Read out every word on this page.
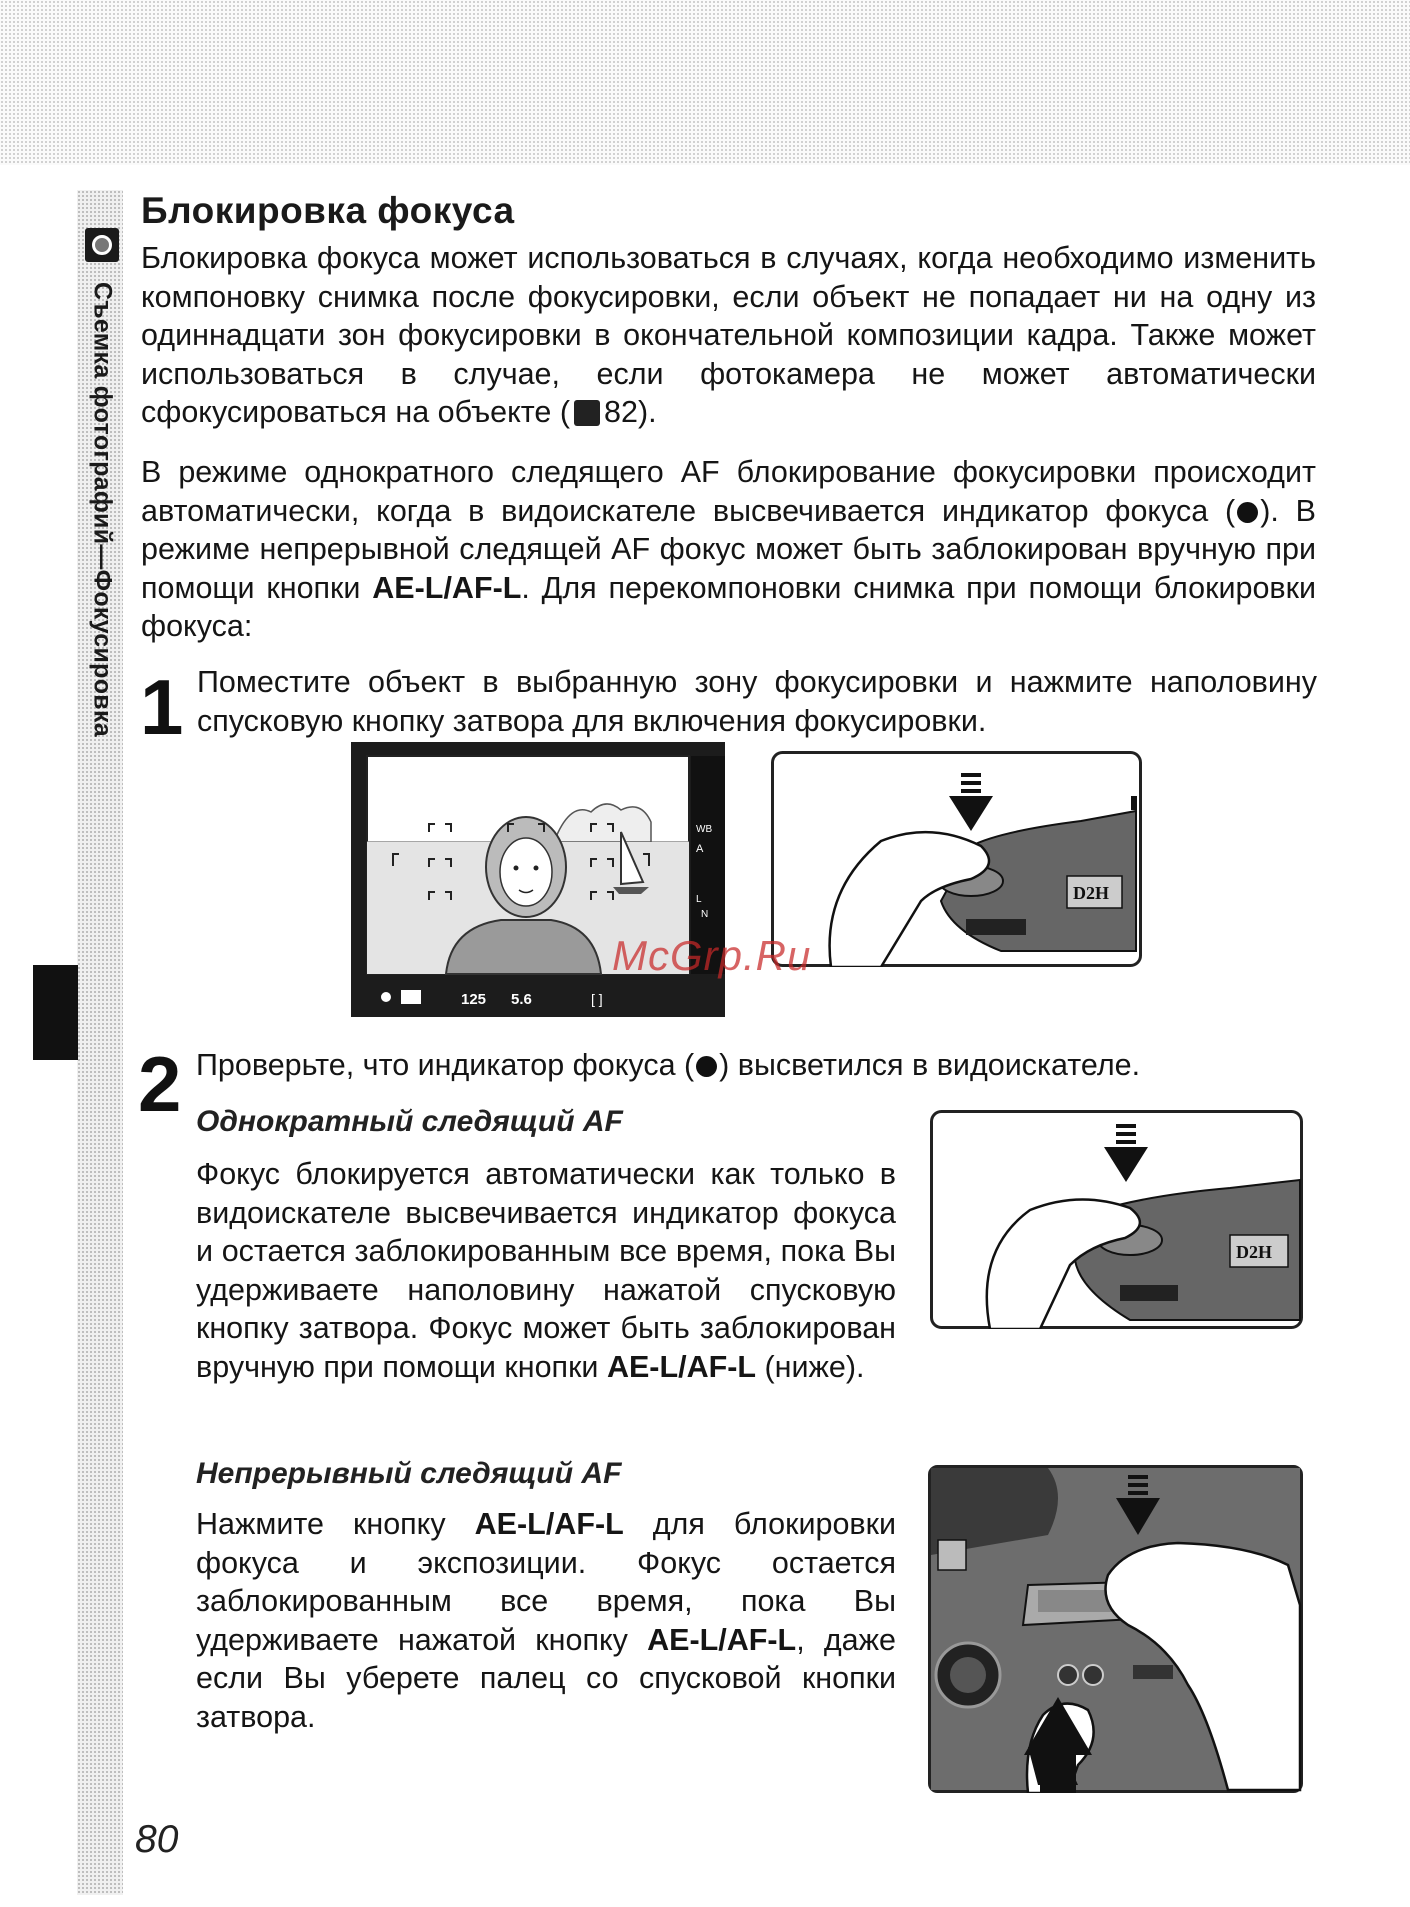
Съемка фотографий—Фокусировка
Блокировка фокуса

Блокировка фокуса может использоваться в случаях, когда необходимо изменить компоновку снимка после фокусировки, если объект не попадает ни на одну из одиннадцати зон фокусировки в окончательной композиции кадра. Также может использоваться в случае, если фотокамера не может автоматически сфокусироваться на объекте ( 82).

В режиме однократного следящего AF блокирование фокусировки происходит автоматически, когда в видоискателе высвечивается индикатор фокуса ( ). В режиме непрерывной следящей AF фокус может быть заблокирован вручную при помощи кнопки AE-L/AF-L. Для перекомпоновки снимка при помощи блокировки фокуса:

1 Поместите объект в выбранную зону фокусировки и нажмите наполовину спусковую кнопку затвора для включения фокусировки.

WB
A
L
N
125 5.6	[ ]
D2H
2 Проверьте, что индикатор фокуса ( ) высветился в видоискателе.

Однократный следящий AF

Фокус блокируется автоматически как только в видоискателе высвечивается индикатор фокуса и остается заблокированным все время, пока Вы удерживаете наполовину нажатой спусковую кнопку затвора. Фокус может быть заблокирован вручную при помощи кнопки AE-L/AF-L (ниже).

D2H
Непрерывный следящий AF

Нажмите кнопку AE-L/AF-L для блокировки фокуса и экспозиции. Фокус остается заблокированным все время, пока Вы удерживаете нажатой кнопку AE-L/AF-L, даже если Вы уберете палец со спусковой кнопки затвора.

McGrp.Ru
80
